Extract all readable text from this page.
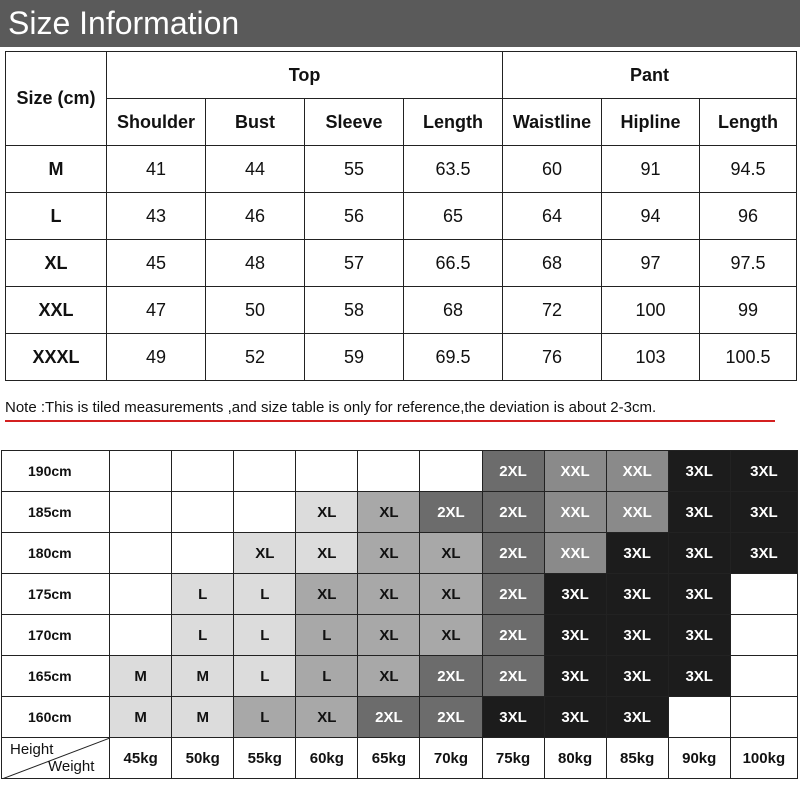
Size Information
Size (cm)	Top				Pant		
	Shoulder	Bust	Sleeve	Length	Waistline	Hipline	Length
M	41	44	55	63.5	60	91	94.5
L	43	46	56	65	64	94	96
XL	45	48	57	66.5	68	97	97.5
XXL	47	50	58	68	72	100	99
XXXL	49	52	59	69.5	76	103	100.5
Note :This is tiled measurements ,and size table is only for reference,the deviation is about 2-3cm.
190cm							2XL	XXL	XXL	3XL	3XL
185cm				XL	XL	2XL	2XL	XXL	XXL	3XL	3XL
180cm			XL	XL	XL	XL	2XL	XXL	3XL	3XL	3XL
175cm		L	L	XL	XL	XL	2XL	3XL	3XL	3XL	
170cm		L	L	L	XL	XL	2XL	3XL	3XL	3XL	
165cm	M	M	L	L	XL	2XL	2XL	3XL	3XL	3XL	
160cm	M	M	L	XL	2XL	2XL	3XL	3XL	3XL		

Height
Weight	45kg	50kg	55kg	60kg	65kg	70kg	75kg	80kg	85kg	90kg	100kg
